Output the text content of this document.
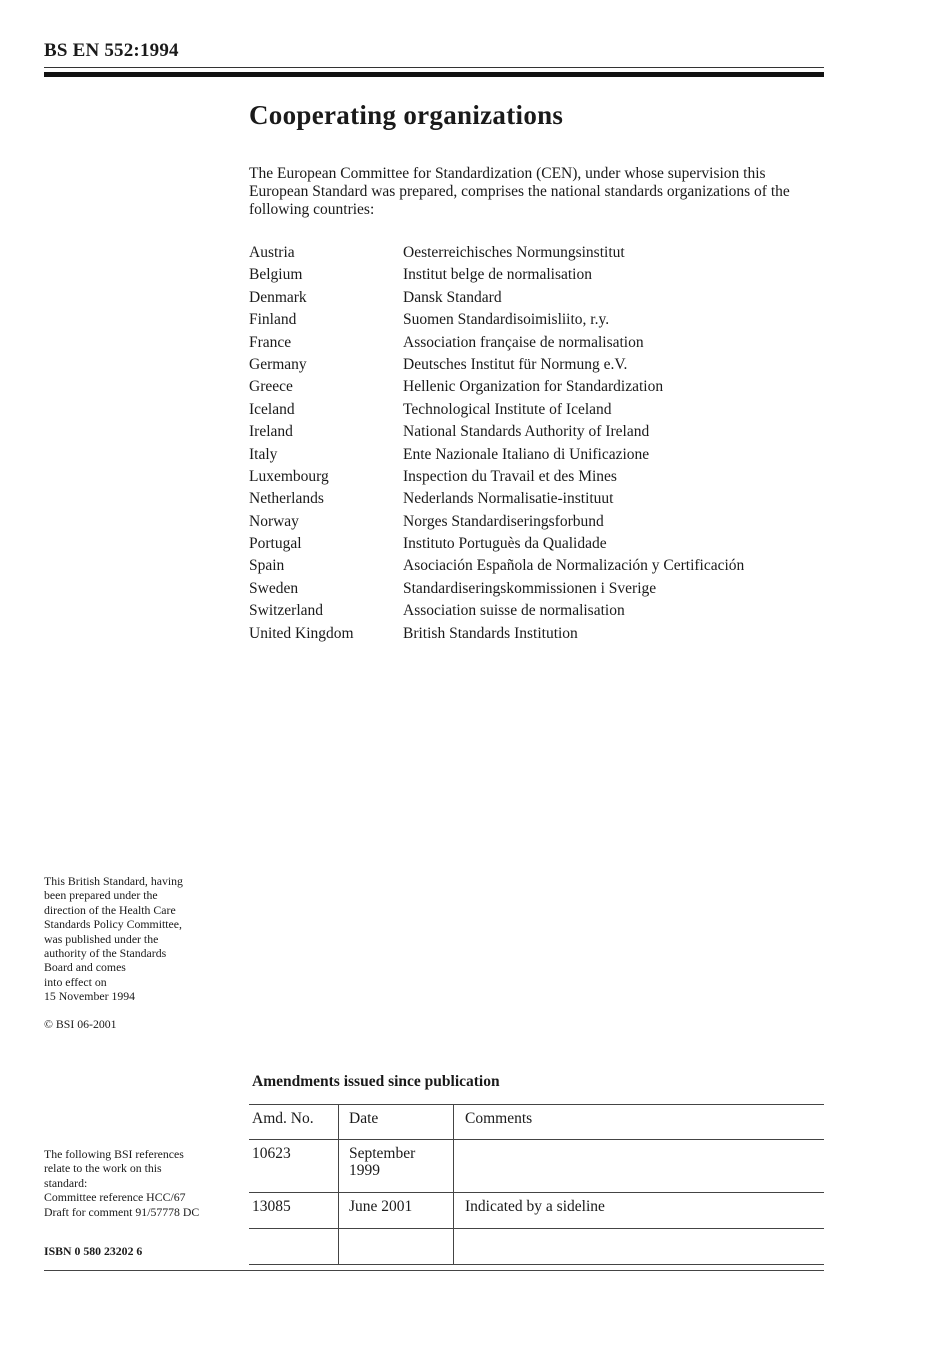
BS EN 552:1994
Cooperating organizations

The European Committee for Standardization (CEN), under whose supervision this European Standard was prepared, comprises the national standards organizations of the following countries:

Austria	Oesterreichisches Normungsinstitut
Belgium	Institut belge de normalisation
Denmark	Dansk Standard
Finland	Suomen Standardisoimisliito, r.y.
France	Association française de normalisation
Germany	Deutsches Institut für Normung e.V.
Greece	Hellenic Organization for Standardization
Iceland	Technological Institute of Iceland
Ireland	National Standards Authority of Ireland
Italy	Ente Nazionale Italiano di Unificazione
Luxembourg	Inspection du Travail et des Mines
Netherlands	Nederlands Normalisatie-instituut
Norway	Norges Standardiseringsforbund
Portugal	Instituto Portuguès da Qualidade
Spain	Asociación Española de Normalización y Certificación
Sweden	Standardiseringskommissionen i Sverige
Switzerland	Association suisse de normalisation
United Kingdom	British Standards Institution

This British Standard, having
been prepared under the
direction of the Health Care
Standards Policy Committee,
was published under the
authority of the Standards
Board and comes
into effect on
15 November 1994

© BSI 06-2001
Amendments issued since publication
Amd. No.	Date	Comments
10623	September
1999	
13085	June 2001	Indicated by a sideline

The following BSI references
relate to the work on this
standard:
Committee reference HCC/67
Draft for comment 91/57778 DC

ISBN 0 580 23202 6
